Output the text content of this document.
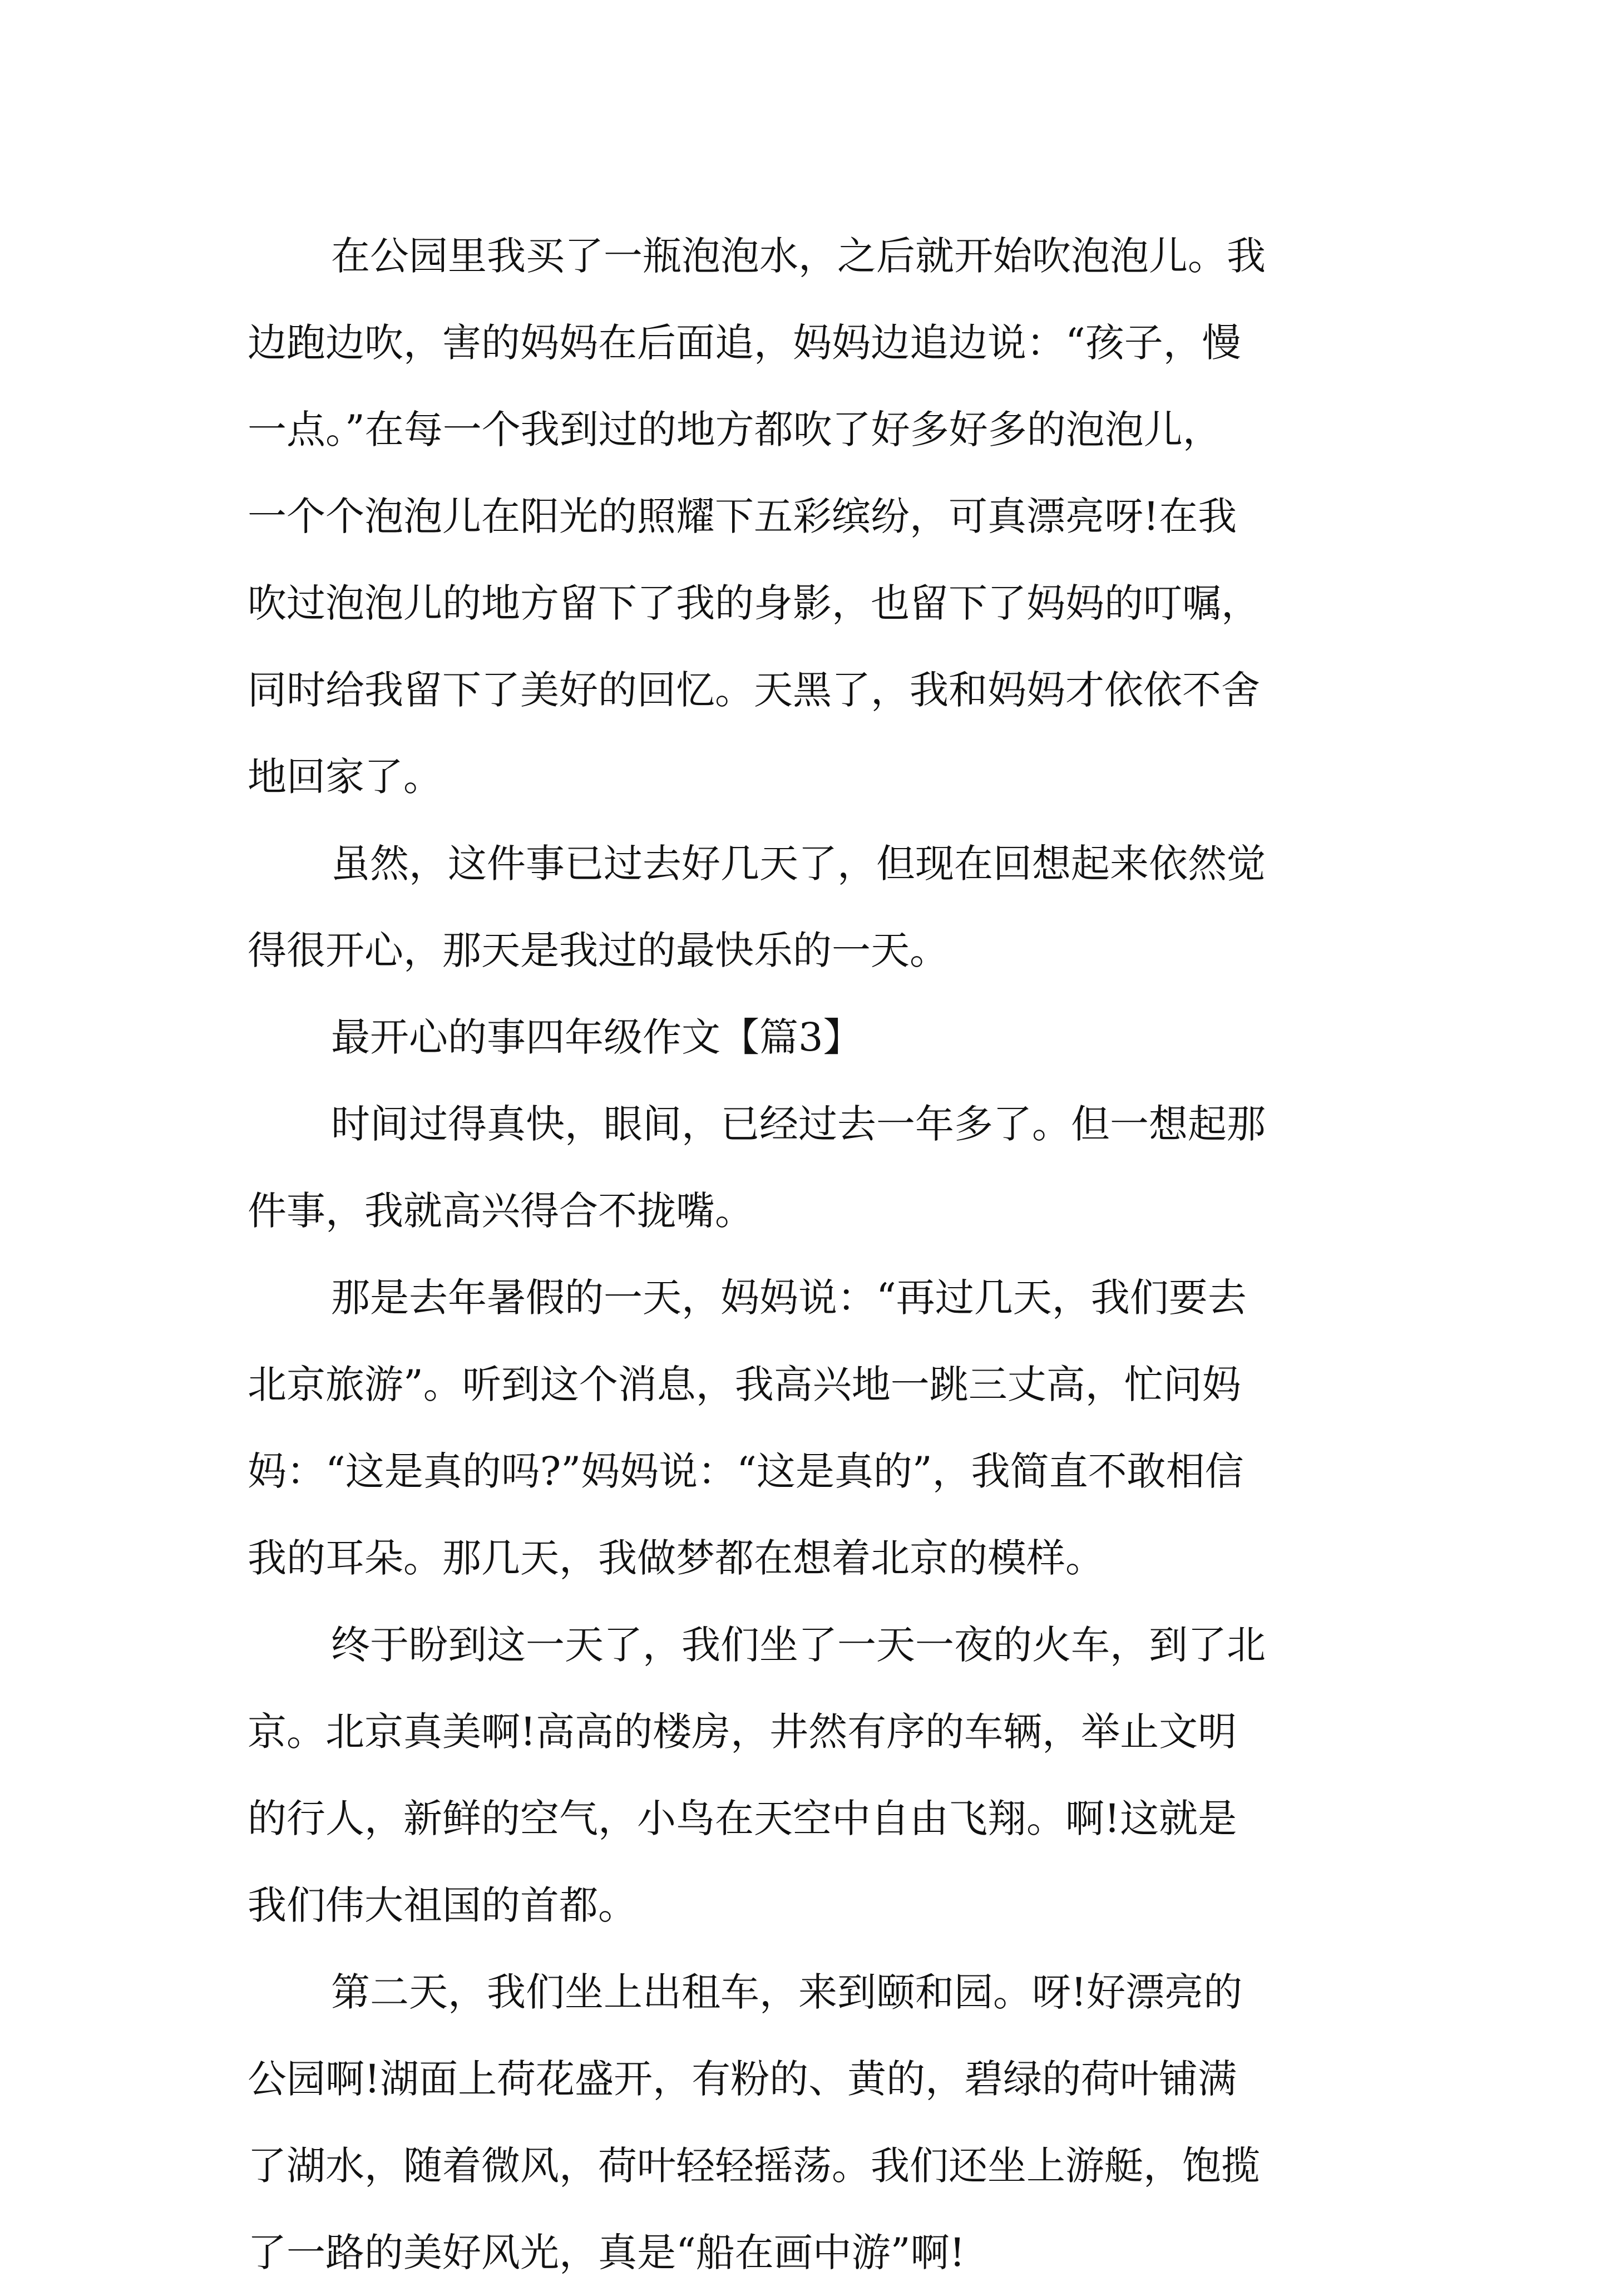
在公园里我买了一瓶泡泡水，之后就开始吹泡泡儿。我
边跑边吹，害的妈妈在后面追，妈妈边追边说：“孩子，慢
一点。”在每一个我到过的地方都吹了好多好多的泡泡儿，
一个个泡泡儿在阳光的照耀下五彩缤纷，可真漂亮呀!在我
吹过泡泡儿的地方留下了我的身影，也留下了妈妈的叮嘱，
同时给我留下了美好的回忆。天黑了，我和妈妈才依依不舍
地回家了。
虽然，这件事已过去好几天了，但现在回想起来依然觉
得很开心，那天是我过的最快乐的一天。
最开心的事四年级作文【篇3】
时间过得真快，眼间，已经过去一年多了。但一想起那
件事，我就高兴得合不拢嘴。
那是去年暑假的一天，妈妈说：“再过几天，我们要去
北京旅游”。听到这个消息，我高兴地一跳三丈高，忙问妈
妈：“这是真的吗?”妈妈说：“这是真的”，我简直不敢相信
我的耳朵。那几天，我做梦都在想着北京的模样。
终于盼到这一天了，我们坐了一天一夜的火车，到了北
京。北京真美啊!高高的楼房，井然有序的车辆，举止文明
的行人，新鲜的空气，小鸟在天空中自由飞翔。啊!这就是
我们伟大祖国的首都。
第二天，我们坐上出租车，来到颐和园。呀!好漂亮的
公园啊!湖面上荷花盛开，有粉的、黄的，碧绿的荷叶铺满
了湖水，随着微风，荷叶轻轻摇荡。我们还坐上游艇，饱揽
了一路的美好风光，真是“船在画中游”啊!
